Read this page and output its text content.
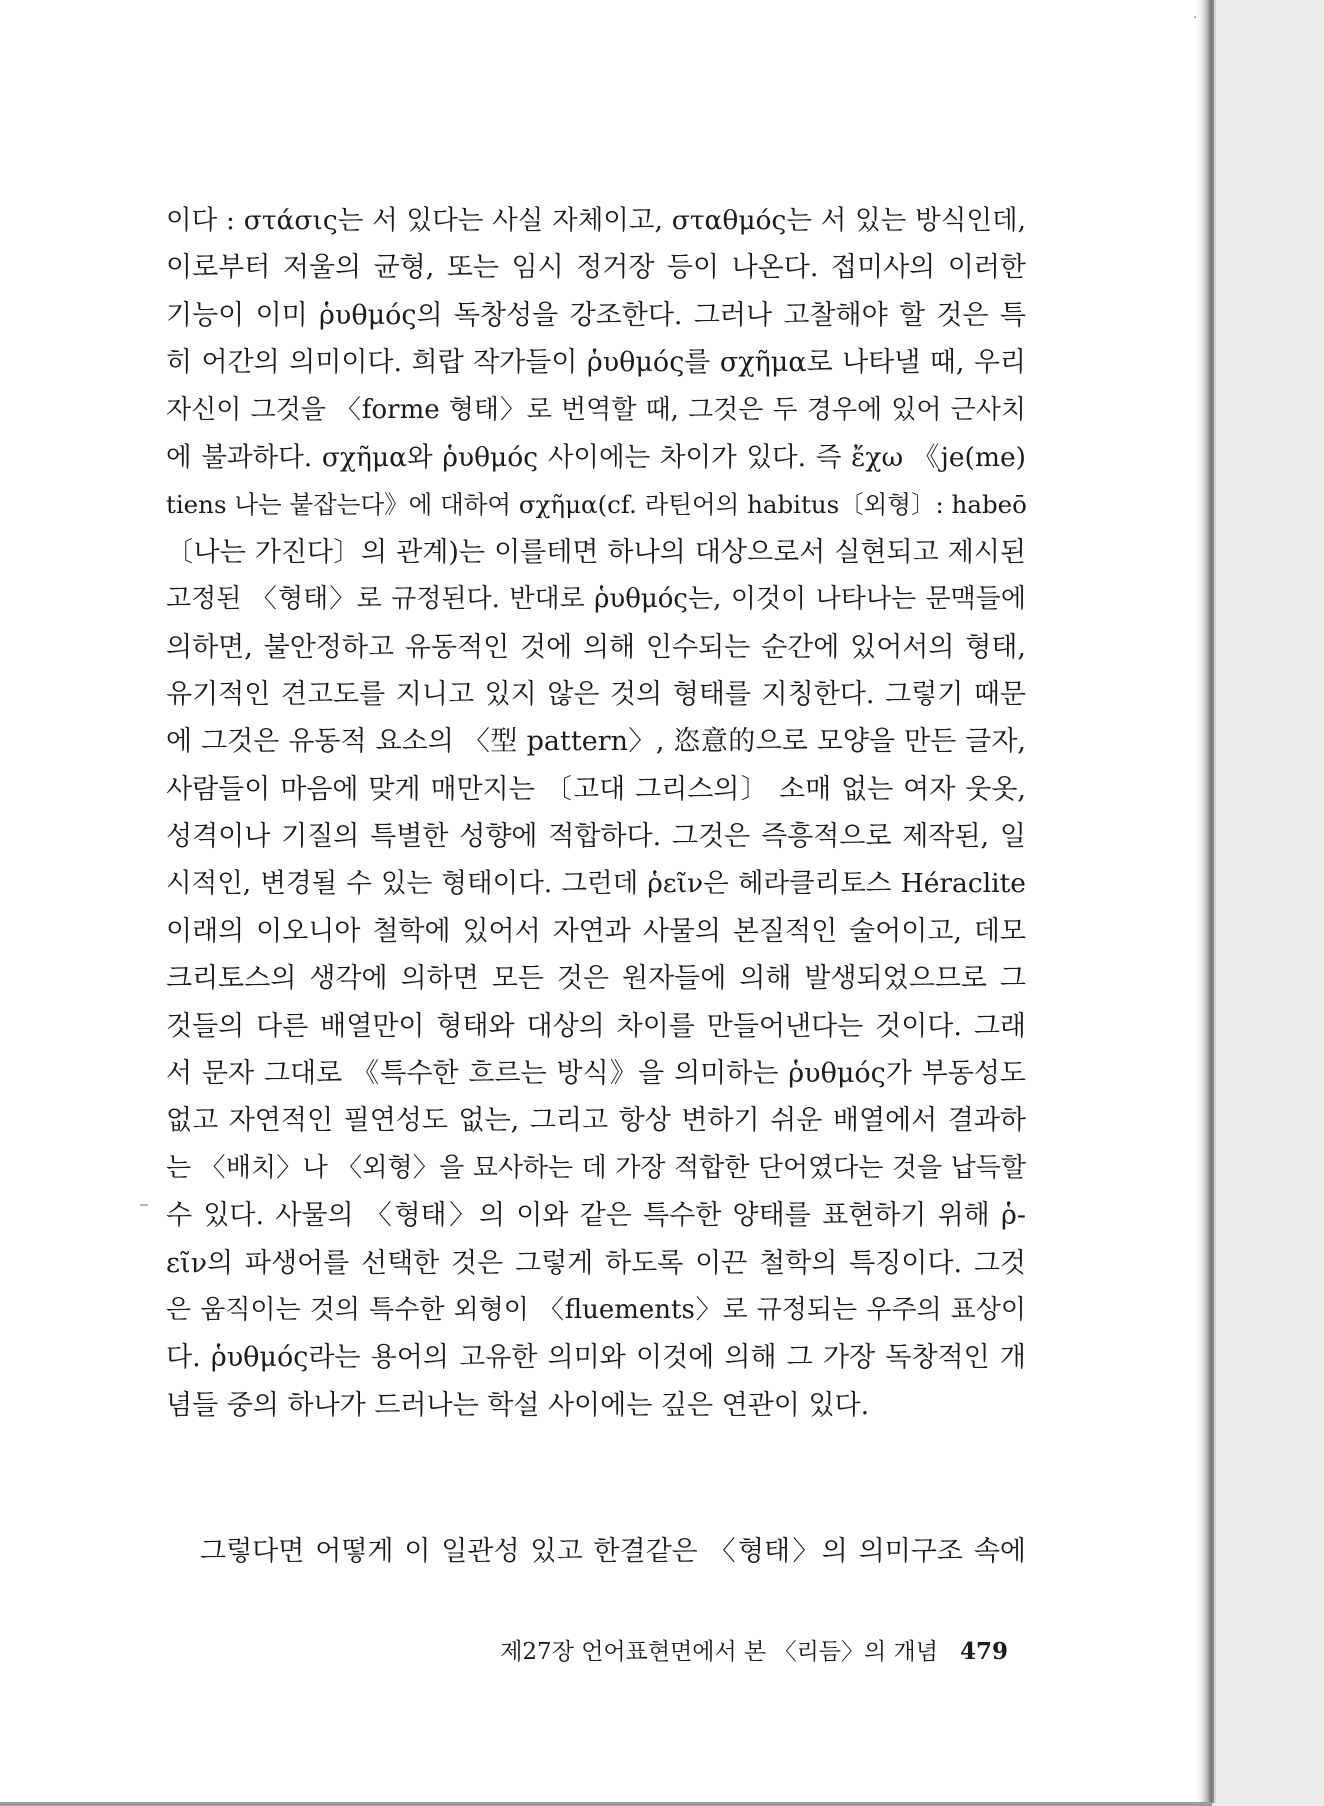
이다 : στάσις는 서 있다는 사실 자체이고, σταθμός는 서 있는 방식인데,
이로부터 저울의 균형, 또는 임시 정거장 등이 나온다. 접미사의 이러한
기능이 이미 ῥυθμός의 독창성을 강조한다. 그러나 고찰해야 할 것은 특
히 어간의 의미이다. 희랍 작가들이 ῥυθμός를 σχῆμα로 나타낼 때, 우리
자신이 그것을 〈forme 형태〉로 번역할 때, 그것은 두 경우에 있어 근사치
에 불과하다. σχῆμα와 ῥυθμός 사이에는 차이가 있다. 즉 ἔχω 《je(me)
tiens 나는 붙잡는다》에 대하여 σχῆμα(cf. 라틴어의 habitus〔외형〕: habeō
〔나는 가진다〕의 관계)는 이를테면 하나의 대상으로서 실현되고 제시된
고정된 〈형태〉로 규정된다. 반대로 ῥυθμός는, 이것이 나타나는 문맥들에
의하면, 불안정하고 유동적인 것에 의해 인수되는 순간에 있어서의 형태,
유기적인 견고도를 지니고 있지 않은 것의 형태를 지칭한다. 그렇기 때문
에 그것은 유동적 요소의 〈型 pattern〉, 恣意的으로 모양을 만든 글자,
사람들이 마음에 맞게 매만지는 〔고대 그리스의〕 소매 없는 여자 웃옷,
성격이나 기질의 특별한 성향에 적합하다. 그것은 즉흥적으로 제작된, 일
시적인, 변경될 수 있는 형태이다. 그런데 ῥεῖν은 헤라클리토스 Héraclite
이래의 이오니아 철학에 있어서 자연과 사물의 본질적인 술어이고, 데모
크리토스의 생각에 의하면 모든 것은 원자들에 의해 발생되었으므로 그
것들의 다른 배열만이 형태와 대상의 차이를 만들어낸다는 것이다. 그래
서 문자 그대로 《특수한 흐르는 방식》을 의미하는 ῥυθμός가 부동성도
없고 자연적인 필연성도 없는, 그리고 항상 변하기 쉬운 배열에서 결과하
는 〈배치〉나 〈외형〉을 묘사하는 데 가장 적합한 단어였다는 것을 납득할
수 있다. 사물의 〈형태〉의 이와 같은 특수한 양태를 표현하기 위해 ῥ-
εῖν의 파생어를 선택한 것은 그렇게 하도록 이끈 철학의 특징이다. 그것
은 움직이는 것의 특수한 외형이 〈fluements〉로 규정되는 우주의 표상이
다. ῥυθμός라는 용어의 고유한 의미와 이것에 의해 그 가장 독창적인 개
념들 중의 하나가 드러나는 학설 사이에는 깊은 연관이 있다.
그렇다면 어떻게 이 일관성 있고 한결같은 〈형태〉의 의미구조 속에
제27장 언어표현면에서 본 〈리듬〉의 개념 479
